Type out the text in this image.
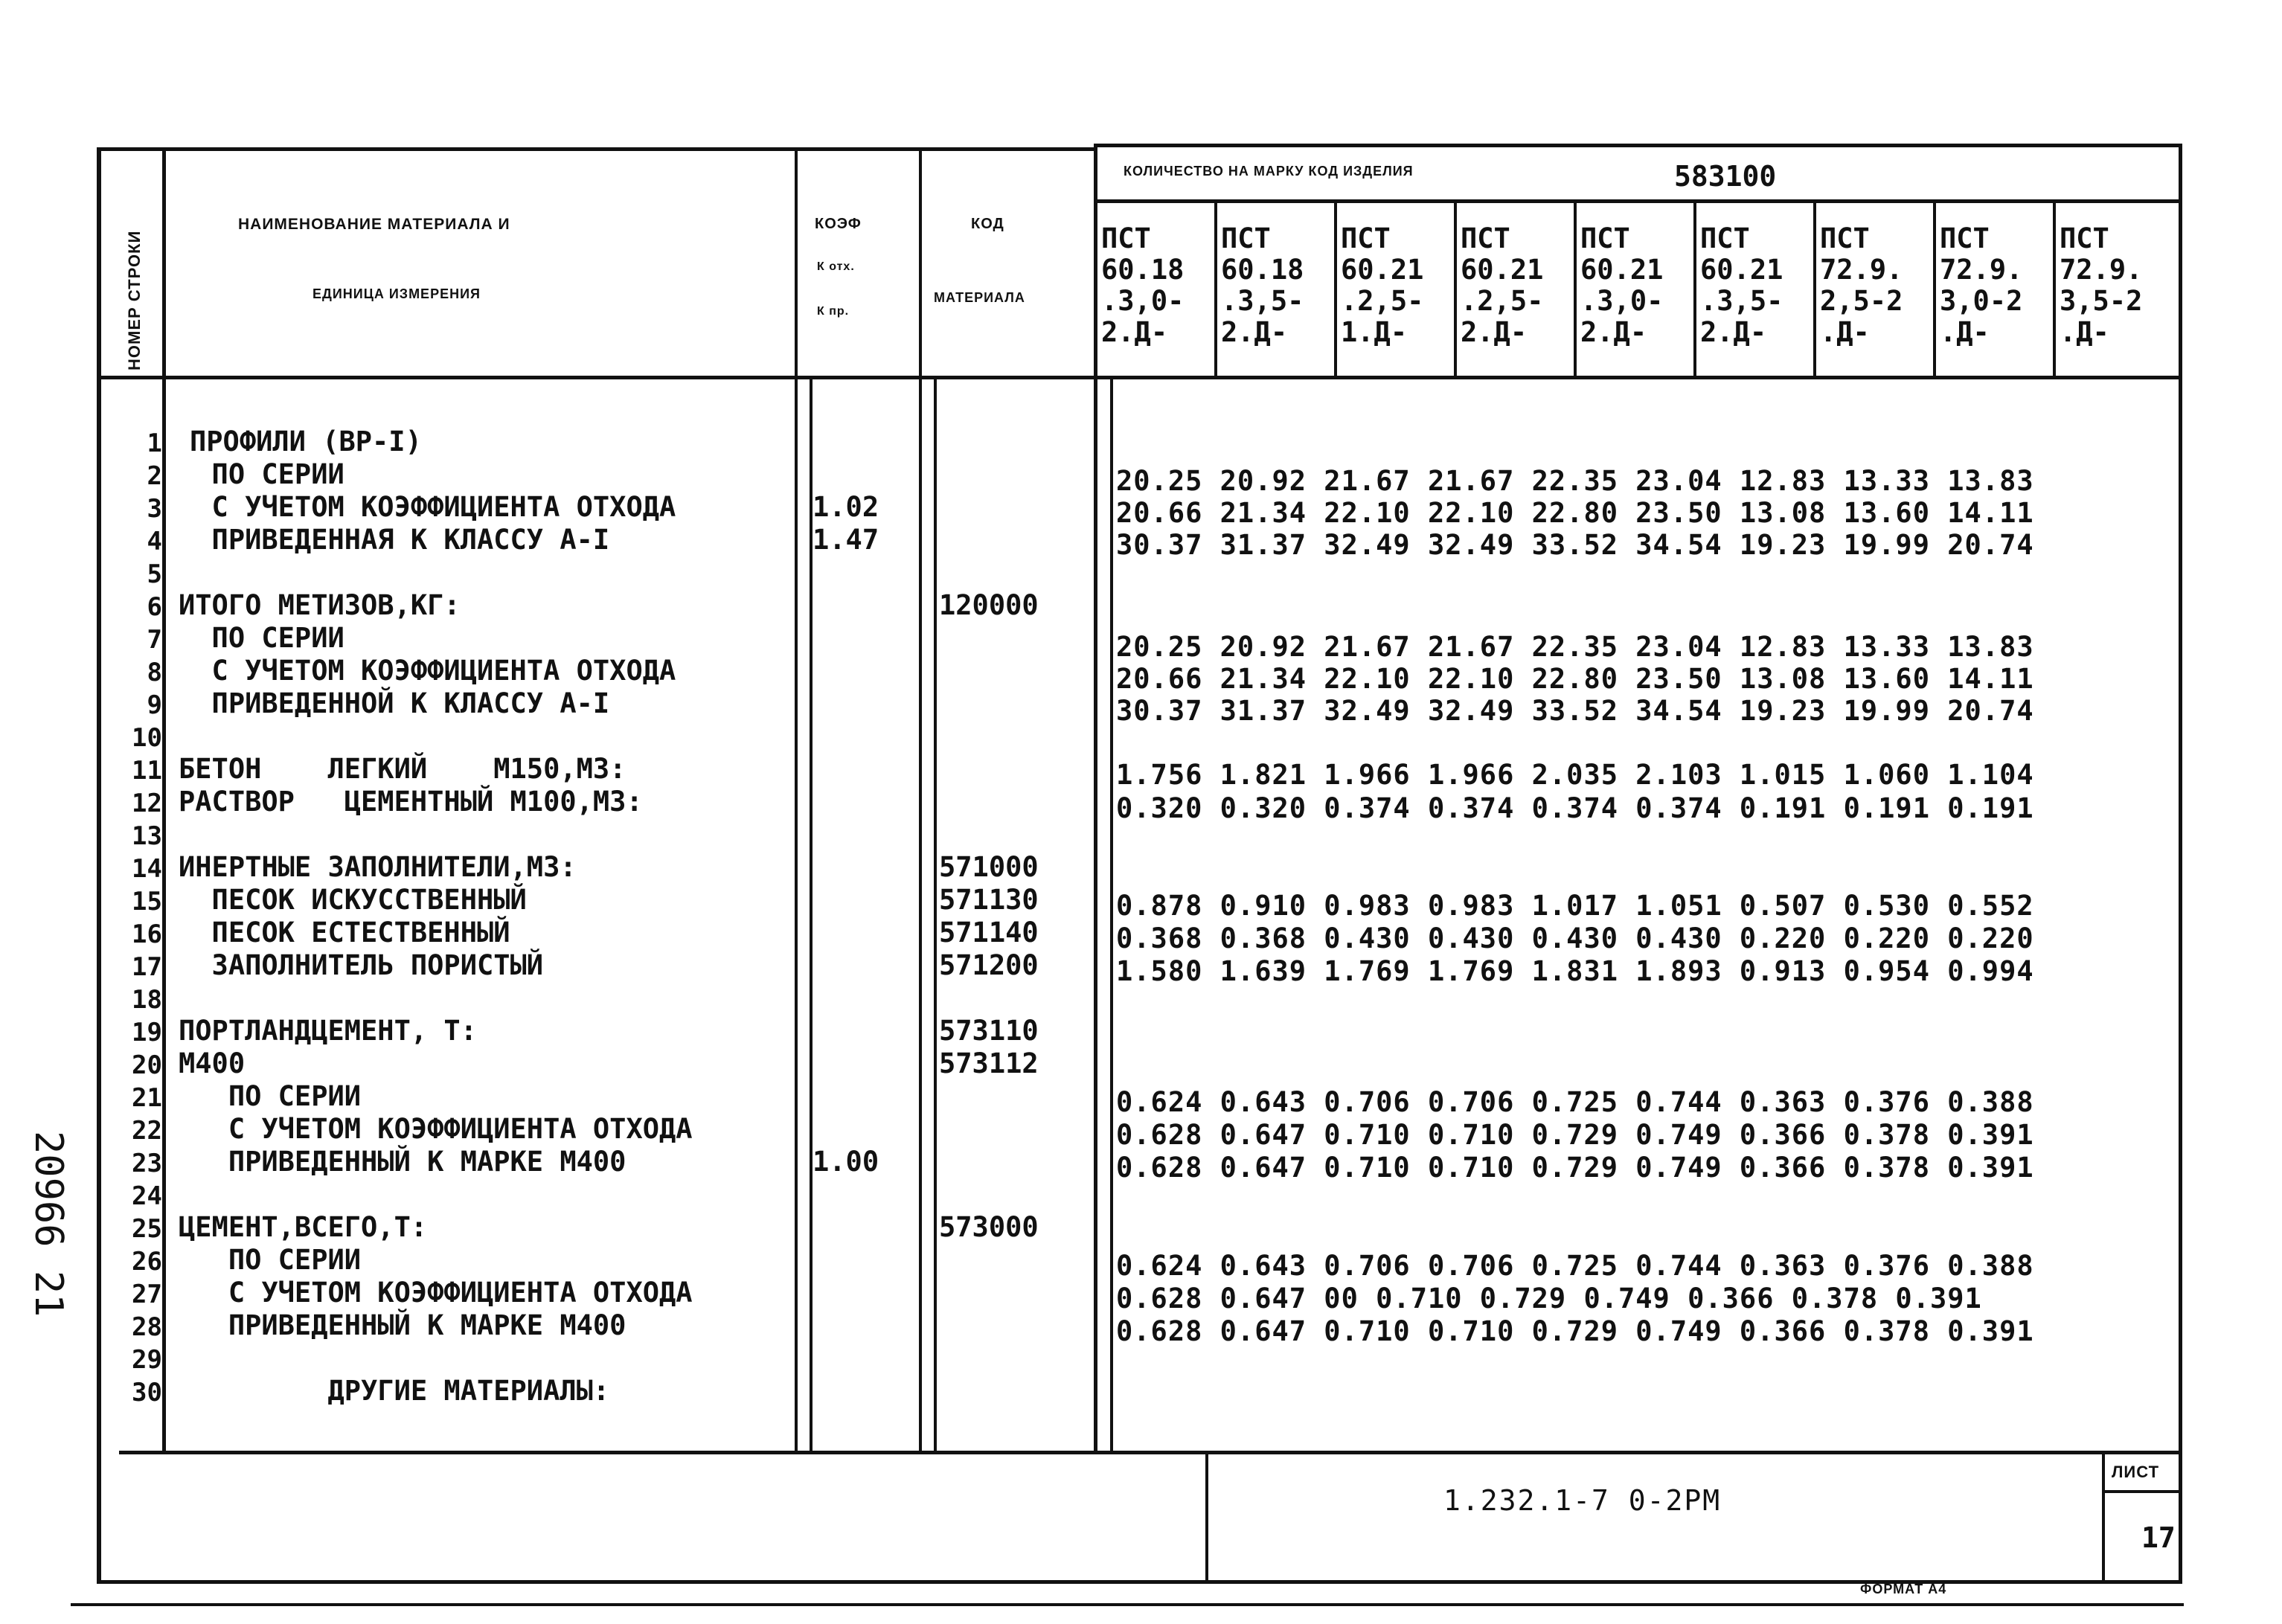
НОМЕР СТРОКИ
НАИМЕНОВАНИЕ МАТЕРИАЛА И
ЕДИНИЦА ИЗМЕРЕНИЯ
КОЭФ
К отх.
К пр.
КОД
МАТЕРИАЛА
КОЛИЧЕСТВО НА МАРКУ КОД ИЗДЕЛИЯ	583100
ПСТ
60.18
.3,0-
2.Д-
ПСТ
60.18
.3,5-
2.Д-
ПСТ
60.21
.2,5-
1.Д-
ПСТ
60.21
.2,5-
2.Д-
ПСТ
60.21
.3,0-
2.Д-
ПСТ
60.21
.3,5-
2.Д-
ПСТ
72.9.
2,5-2
.Д-
ПСТ
72.9.
3,0-2
.Д-
ПСТ
72.9.
3,5-2
.Д-
1
2
3
4
5
6
7
8
9
10
11
12
13
14
15
16
17
18
19
20
21
22
23
24
25
26
27
28
29
30
ПРОФИЛИ (ВР-I)
ПО СЕРИИ
С УЧЕТОМ КОЭФФИЦИЕНТА ОТХОДА
ПРИВЕДЕННАЯ К КЛАССУ А-I
ИТОГО МЕТИЗОВ,КГ:
ПО СЕРИИ
С УЧЕТОМ КОЭФФИЦИЕНТА ОТХОДА
ПРИВЕДЕННОЙ К КЛАССУ А-I
БЕТОН    ЛЕГКИЙ    М150,М3:
РАСТВОР   ЦЕМЕНТНЫЙ М100,М3:
ИНЕРТНЫЕ ЗАПОЛНИТЕЛИ,М3:
ПЕСОК ИСКУССТВЕННЫЙ
ПЕСОК ЕСТЕСТВЕННЫЙ
ЗАПОЛНИТЕЛЬ ПОРИСТЫЙ
ПОРТЛАНДЦЕМЕНТ, Т:
М400
ПО СЕРИИ
С УЧЕТОМ КОЭФФИЦИЕНТА ОТХОДА
ПРИВЕДЕННЫЙ К МАРКЕ М400
ЦЕМЕНТ,ВСЕГО,Т:
ПО СЕРИИ
С УЧЕТОМ КОЭФФИЦИЕНТА ОТХОДА
ПРИВЕДЕННЫЙ К МАРКЕ М400
ДРУГИЕ МАТЕРИАЛЫ:
1.02
1.47
1.00
120000
571000
571130
571140
571200
573110
573112
573000
20.25 20.92 21.67 21.67 22.35 23.04 12.83 13.33 13.83
20.66 21.34 22.10 22.10 22.80 23.50 13.08 13.60 14.11
30.37 31.37 32.49 32.49 33.52 34.54 19.23 19.99 20.74
20.25 20.92 21.67 21.67 22.35 23.04 12.83 13.33 13.83
20.66 21.34 22.10 22.10 22.80 23.50 13.08 13.60 14.11
30.37 31.37 32.49 32.49 33.52 34.54 19.23 19.99 20.74
1.756 1.821 1.966 1.966 2.035 2.103 1.015 1.060 1.104
0.320 0.320 0.374 0.374 0.374 0.374 0.191 0.191 0.191
0.878 0.910 0.983 0.983 1.017 1.051 0.507 0.530 0.552
0.368 0.368 0.430 0.430 0.430 0.430 0.220 0.220 0.220
1.580 1.639 1.769 1.769 1.831 1.893 0.913 0.954 0.994
0.624 0.643 0.706 0.706 0.725 0.744 0.363 0.376 0.388
0.628 0.647 0.710 0.710 0.729 0.749 0.366 0.378 0.391
0.628 0.647 0.710 0.710 0.729 0.749 0.366 0.378 0.391
0.624 0.643 0.706 0.706 0.725 0.744 0.363 0.376 0.388
0.628 0.647 00 0.710 0.729 0.749 0.366 0.378 0.391
0.628 0.647 0.710 0.710 0.729 0.749 0.366 0.378 0.391
1.232.1-7 0-2РМ
ЛИСТ
17
ФОРМАТ А4
20966 21
